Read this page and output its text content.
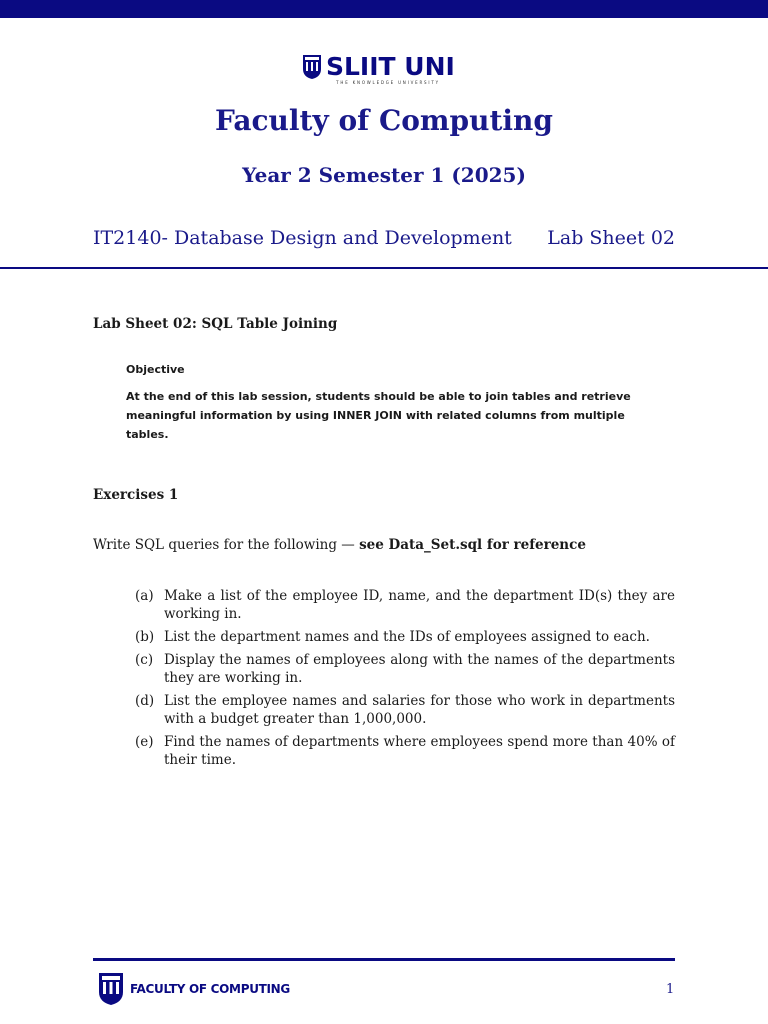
SLIIT UNI
THE KNOWLEDGE UNIVERSITY
Faculty of Computing
Year 2 Semester 1 (2025)
IT2140- Database Design and Development Lab Sheet 02
Lab Sheet 02: SQL Table Joining

Objective

At the end of this lab session, students should be able to join tables and retrieve meaningful information by using INNER JOIN with related columns from multiple tables.

Exercises 1
Write SQL queries for the following — see Data_Set.sql for reference
(a) Make a list of the employee ID, name, and the department ID(s) they are working in.
(b) List the department names and the IDs of employees assigned to each.
(c) Display the names of employees along with the names of the departments they are working in.
(d) List the employee names and salaries for those who work in departments with a budget greater than 1,000,000.
(e) Find the names of departments where employees spend more than 40% of their time.
FACULTY OF COMPUTING	1
